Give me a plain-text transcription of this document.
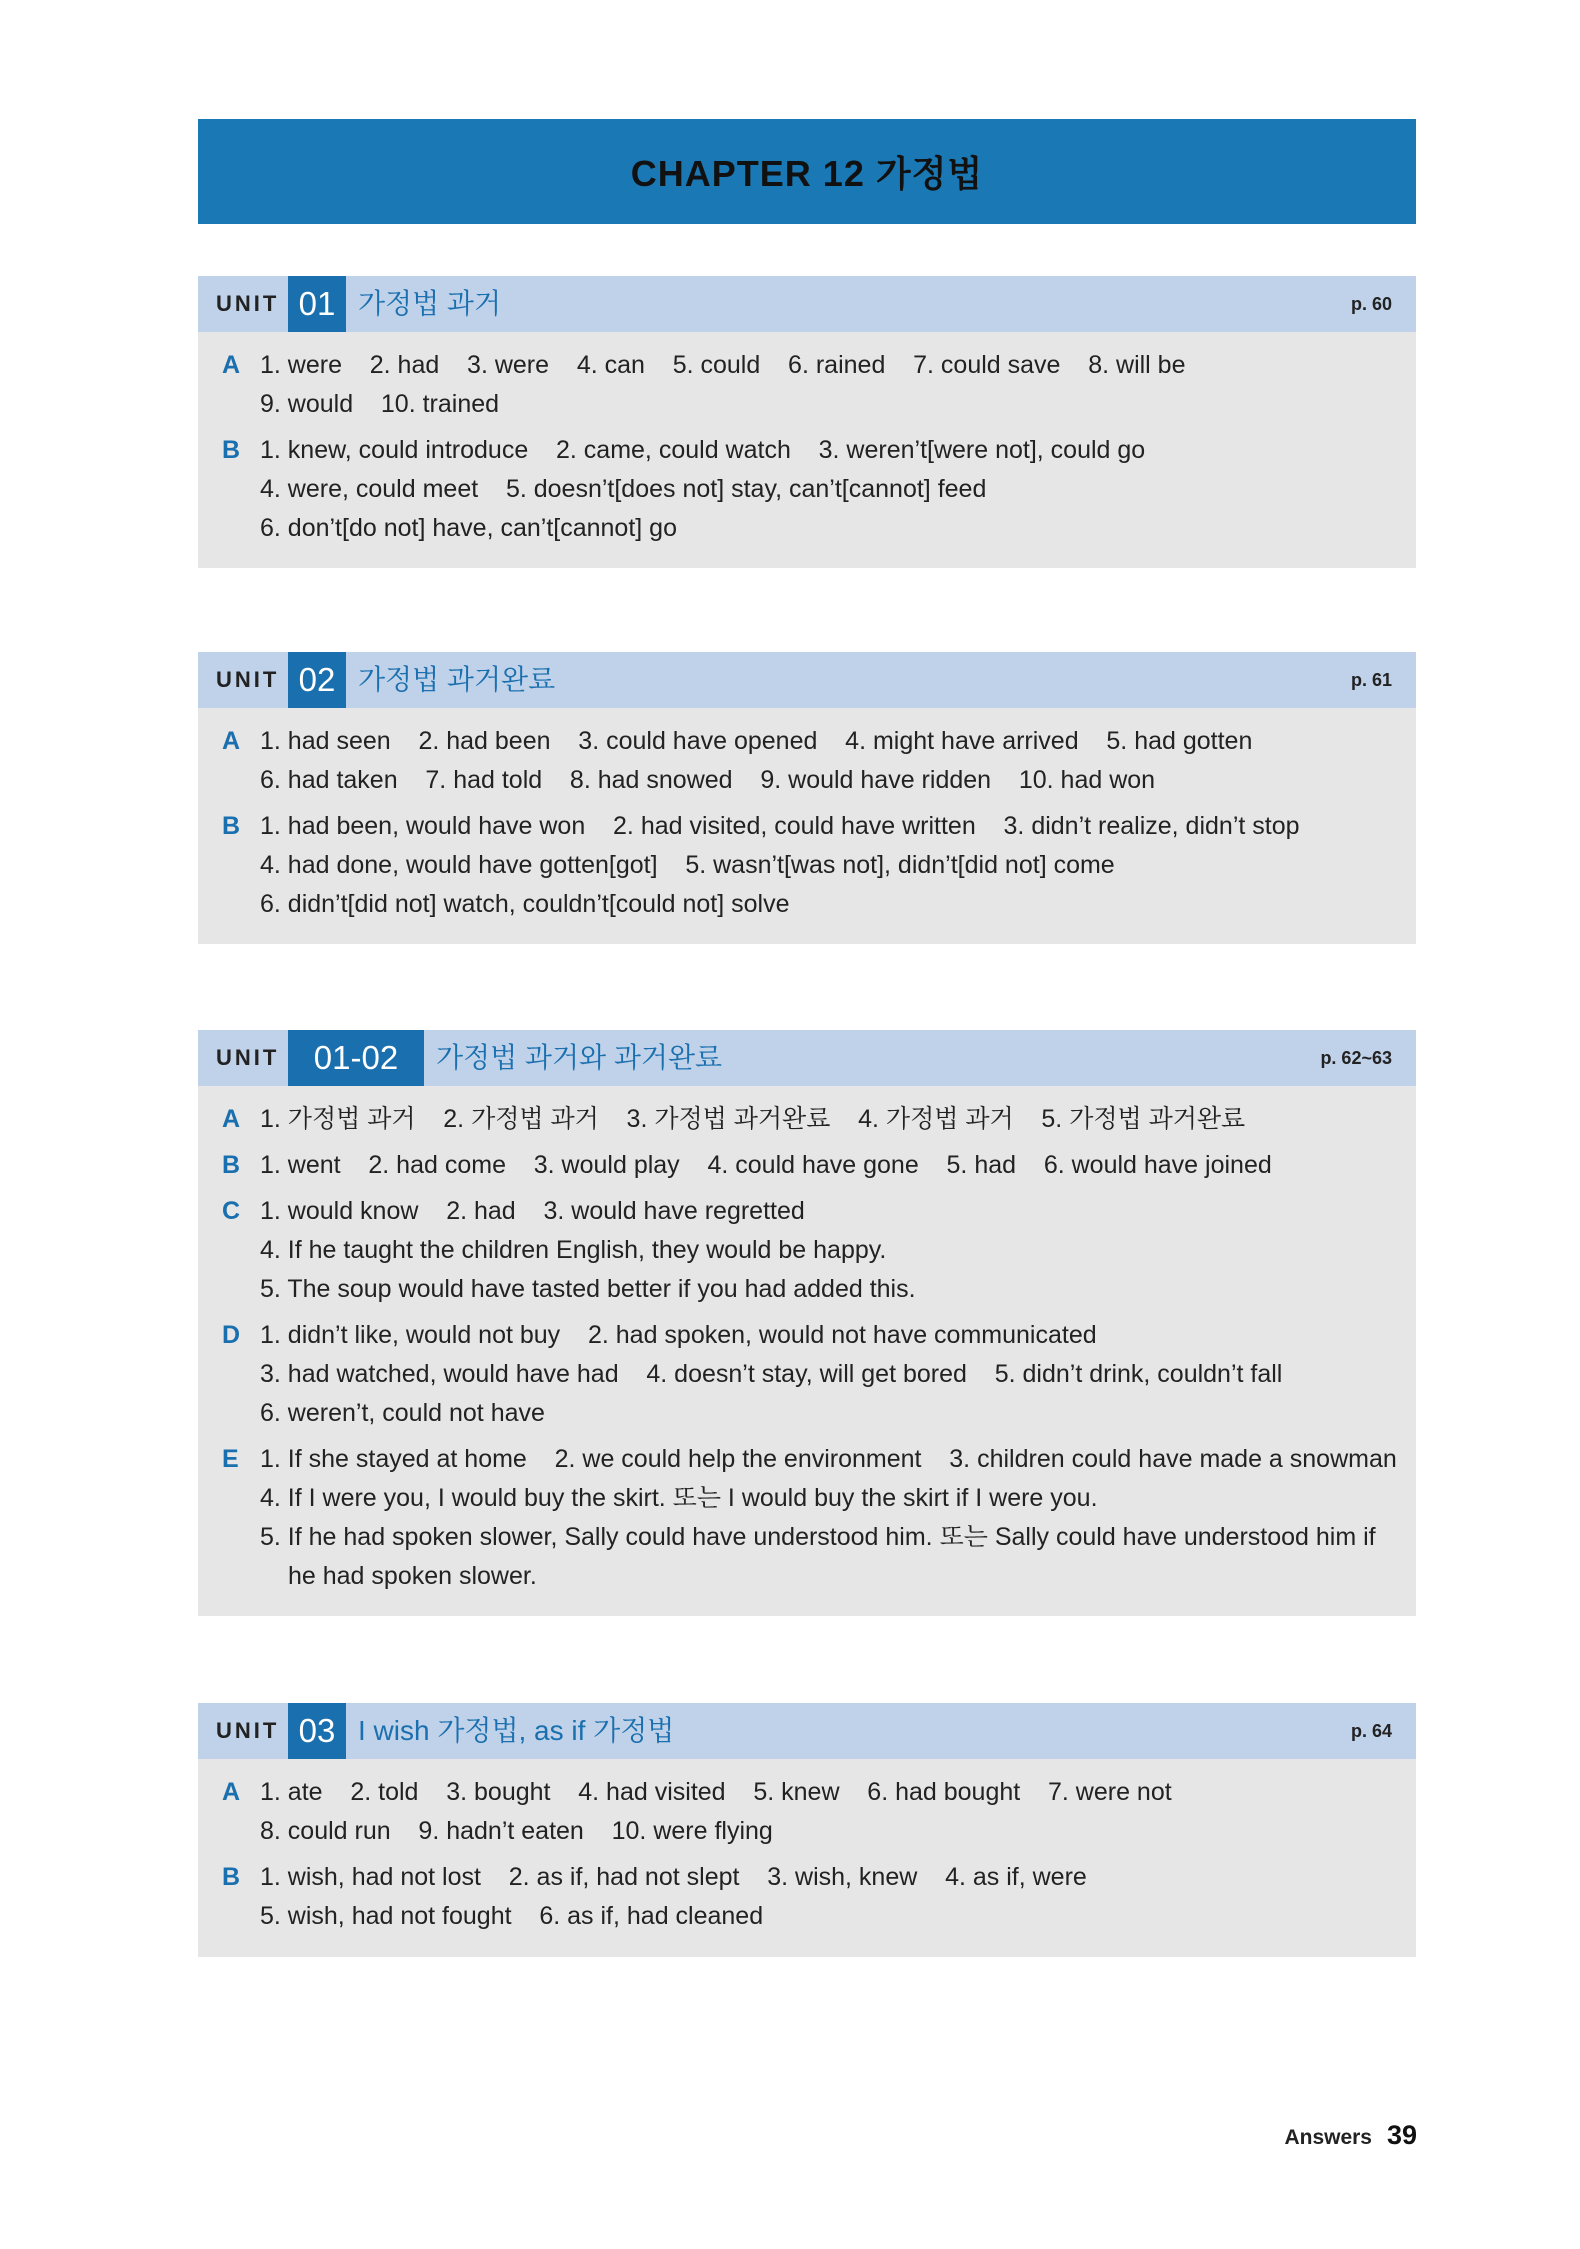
CHAPTER 12 가정법
UNIT 01 가정법 과거	p. 60
A 1. were    2. had    3. were    4. can    5. could    6. rained    7. could save    8. will be
9. would    10. trained
B 1. knew, could introduce    2. came, could watch    3. weren’t[were not], could go
4. were, could meet    5. doesn’t[does not] stay, can’t[cannot] feed
6. don’t[do not] have, can’t[cannot] go
UNIT 02 가정법 과거완료	p. 61
A 1. had seen    2. had been    3. could have opened    4. might have arrived    5. had gotten
6. had taken    7. had told    8. had snowed    9. would have ridden    10. had won
B 1. had been, would have won    2. had visited, could have written    3. didn’t realize, didn’t stop
4. had done, would have gotten[got]    5. wasn’t[was not], didn’t[did not] come
6. didn’t[did not] watch, couldn’t[could not] solve
UNIT	01-02	가정법 과거와 과거완료	p. 62~63
A 1. 가정법 과거    2. 가정법 과거    3. 가정법 과거완료    4. 가정법 과거    5. 가정법 과거완료
B 1. went    2. had come    3. would play    4. could have gone    5. had    6. would have joined
C 1. would know    2. had    3. would have regretted
4. If he taught the children English, they would be happy.
5. The soup would have tasted better if you had added this.
D 1. didn’t like, would not buy    2. had spoken, would not have communicated
3. had watched, would have had    4. doesn’t stay, will get bored    5. didn’t drink, couldn’t fall
6. weren’t, could not have
E 1. If she stayed at home    2. we could help the environment    3. children could have made a snowman
4. If I were you, I would buy the skirt. 또는 I would buy the skirt if I were you.
5. If he had spoken slower, Sally could have understood him. 또는 Sally could have understood him if
he had spoken slower.
UNIT 03 I wish 가정법, as if 가정법	p. 64
A 1. ate    2. told    3. bought    4. had visited    5. knew    6. had bought    7. were not
8. could run    9. hadn’t eaten    10. were flying
B 1. wish, had not lost    2. as if, had not slept    3. wish, knew    4. as if, were
5. wish, had not fought    6. as if, had cleaned
Answers 39
